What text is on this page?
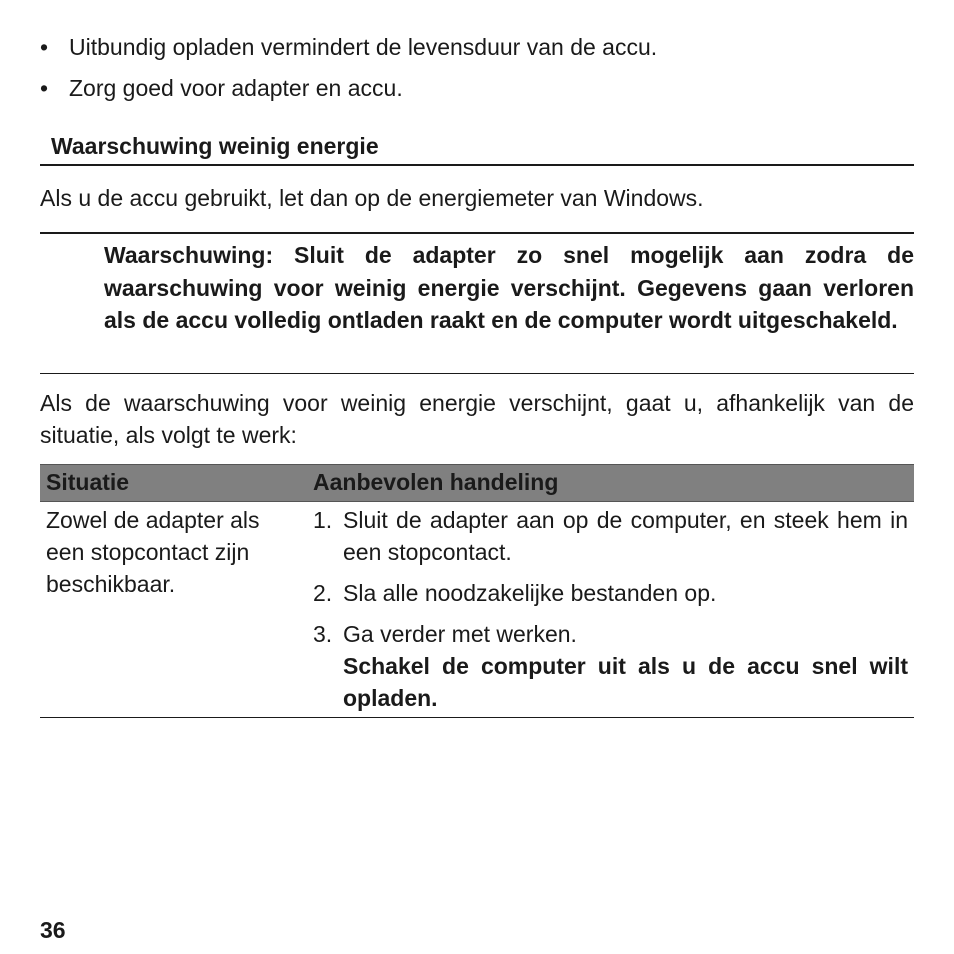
• Uitbundig opladen vermindert de levensduur van de accu.
• Zorg goed voor adapter en accu.
Waarschuwing weinig energie
Als u de accu gebruikt, let dan op de energiemeter van Windows.

Waarschuwing: Sluit de adapter zo snel mogelijk aan zodra de waarschuwing voor weinig energie verschijnt. Gegevens gaan verloren als de accu volledig ontladen raakt en de computer wordt uitgeschakeld.

Als de waarschuwing voor weinig energie verschijnt, gaat u, afhankelijk van de situatie, als volgt te werk:

Situatie	Aanbevolen handeling
Zowel de adapter als een stopcontact zijn beschikbaar.
1. Sluit de adapter aan op de computer, en steek hem in een stopcontact.
2. Sla alle noodzakelijke bestanden op.
3. Ga verder met werken.
Schakel de computer uit als u de accu snel wilt opladen.
36
